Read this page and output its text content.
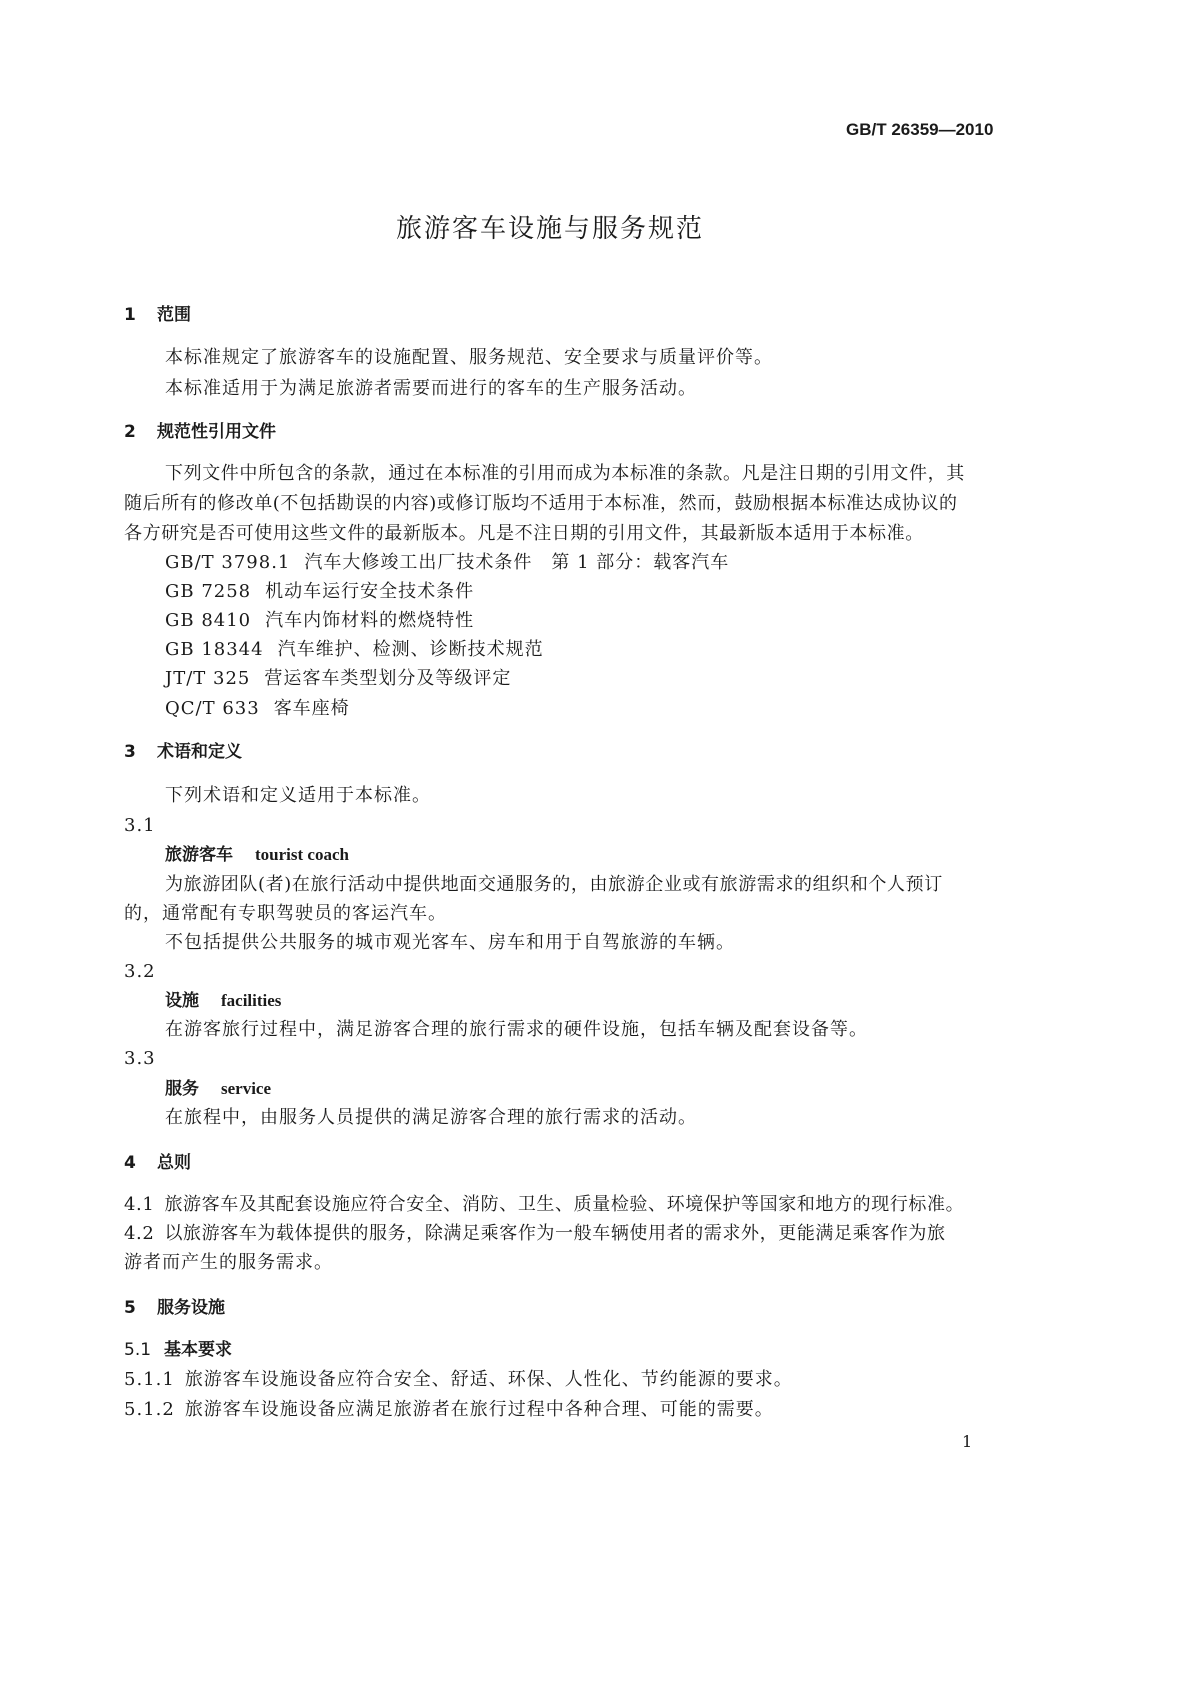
GB/T 26359—2010
旅游客车设施与服务规范
1 范围
本标准规定了旅游客车的设施配置、服务规范、安全要求与质量评价等。
本标准适用于为满足旅游者需要而进行的客车的生产服务活动。
2 规范性引用文件
下列文件中所包含的条款，通过在本标准的引用而成为本标准的条款。凡是注日期的引用文件，其
随后所有的修改单(不包括勘误的内容)或修订版均不适用于本标准，然而，鼓励根据本标准达成协议的
各方研究是否可使用这些文件的最新版本。凡是不注日期的引用文件，其最新版本适用于本标准。
GB/T 3798.1 汽车大修竣工出厂技术条件　第 1 部分：载客汽车
GB 7258 机动车运行安全技术条件
GB 8410 汽车内饰材料的燃烧特性
GB 18344 汽车维护、检测、诊断技术规范
JT/T 325 营运客车类型划分及等级评定
QC/T 633 客车座椅
3 术语和定义
下列术语和定义适用于本标准。
3.1
旅游客车 tourist coach
为旅游团队(者)在旅行活动中提供地面交通服务的，由旅游企业或有旅游需求的组织和个人预订
的，通常配有专职驾驶员的客运汽车。
不包括提供公共服务的城市观光客车、房车和用于自驾旅游的车辆。
3.2
设施 facilities
在游客旅行过程中，满足游客合理的旅行需求的硬件设施，包括车辆及配套设备等。
3.3
服务 service
在旅程中，由服务人员提供的满足游客合理的旅行需求的活动。
4 总则
4.1 旅游客车及其配套设施应符合安全、消防、卫生、质量检验、环境保护等国家和地方的现行标准。
4.2 以旅游客车为载体提供的服务，除满足乘客作为一般车辆使用者的需求外，更能满足乘客作为旅
游者而产生的服务需求。
5 服务设施
5.1 基本要求
5.1.1 旅游客车设施设备应符合安全、舒适、环保、人性化、节约能源的要求。
5.1.2 旅游客车设施设备应满足旅游者在旅行过程中各种合理、可能的需要。
1
